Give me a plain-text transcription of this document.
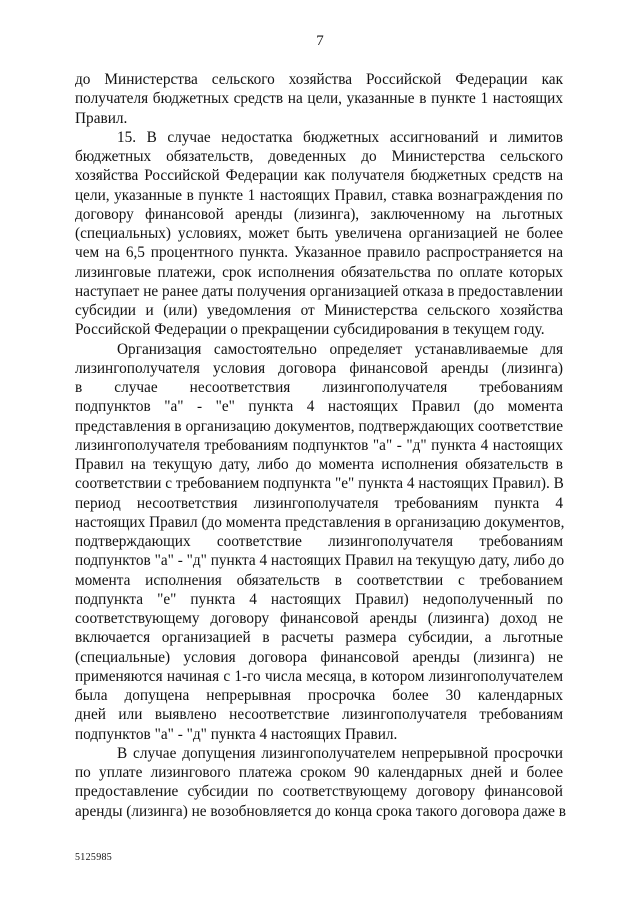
7
до Министерства сельского хозяйства Российской Федерации как
получателя бюджетных средств на цели, указанные в пункте 1 настоящих
Правил.
15. В случае недостатка бюджетных ассигнований и лимитов
бюджетных обязательств, доведенных до Министерства сельского
хозяйства Российской Федерации как получателя бюджетных средств на
цели, указанные в пункте 1 настоящих Правил, ставка вознаграждения по
договору финансовой аренды (лизинга), заключенному на льготных
(специальных) условиях, может быть увеличена организацией не более
чем на 6,5 процентного пункта. Указанное правило распространяется на
лизинговые платежи, срок исполнения обязательства по оплате которых
наступает не ранее даты получения организацией отказа в предоставлении
субсидии и (или) уведомления от Министерства сельского хозяйства
Российской Федерации о прекращении субсидирования в текущем году.
Организация самостоятельно определяет устанавливаемые для
лизингополучателя условия договора финансовой аренды (лизинга)
в случае несоответствия лизингополучателя требованиям
подпунктов "а" - "е" пункта 4 настоящих Правил (до момента
представления в организацию документов, подтверждающих соответствие
лизингополучателя требованиям подпунктов "а" - "д" пункта 4 настоящих
Правил на текущую дату, либо до момента исполнения обязательств в
соответствии с требованием подпункта "е" пункта 4 настоящих Правил). В
период несоответствия лизингополучателя требованиям пункта 4
настоящих Правил (до момента представления в организацию документов,
подтверждающих соответствие лизингополучателя требованиям
подпунктов "а" - "д" пункта 4 настоящих Правил на текущую дату, либо до
момента исполнения обязательств в соответствии с требованием
подпункта "е" пункта 4 настоящих Правил) недополученный по
соответствующему договору финансовой аренды (лизинга) доход не
включается организацией в расчеты размера субсидии, а льготные
(специальные) условия договора финансовой аренды (лизинга) не
применяются начиная с 1-го числа месяца, в котором лизингополучателем
была допущена непрерывная просрочка более 30 календарных
дней или выявлено несоответствие лизингополучателя требованиям
подпунктов "а" - "д" пункта 4 настоящих Правил.
В случае допущения лизингополучателем непрерывной просрочки
по уплате лизингового платежа сроком 90 календарных дней и более
предоставление субсидии по соответствующему договору финансовой
аренды (лизинга) не возобновляется до конца срока такого договора даже в
5125985
